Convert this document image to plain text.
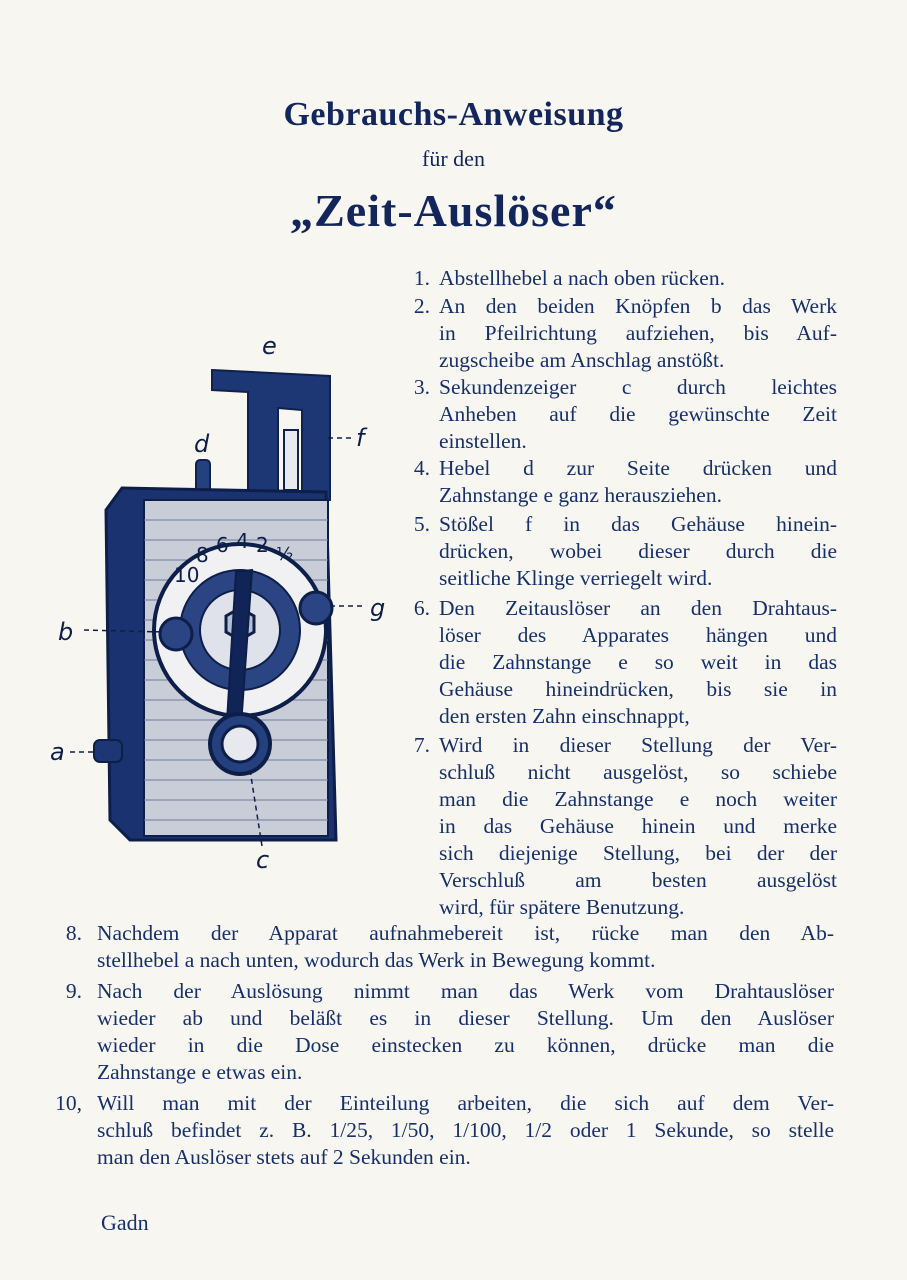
Gebrauchs-Anweisung
für den
„Zeit-Auslöser“
10
8 6 4 2 ½
b
g
f
e
d
a
c
1. Abstellhebel a nach oben rücken.
2. An den beiden Knöpfen b das Werk
in Pfeilrichtung aufziehen, bis Auf-
zugscheibe am Anschlag anstößt.
3. Sekundenzeiger c durch leichtes
Anheben auf die gewünschte Zeit
einstellen.
4. Hebel d zur Seite drücken und
Zahnstange e ganz herausziehen.
5. Stößel f in das Gehäuse hinein-
drücken, wobei dieser durch die
seitliche Klinge verriegelt wird.
6. Den Zeitauslöser an den Drahtaus-
löser des Apparates hängen und
die Zahnstange e so weit in das
Gehäuse hineindrücken, bis sie in
den ersten Zahn einschnappt,
7. Wird in dieser Stellung der Ver-
schluß nicht ausgelöst, so schiebe
man die Zahnstange e noch weiter
in das Gehäuse hinein und merke
sich diejenige Stellung, bei der der
Verschluß am besten ausgelöst
wird, für spätere Benutzung.
8. Nachdem der Apparat aufnahmebereit ist, rücke man den Ab-
stellhebel a nach unten, wodurch das Werk in Bewegung kommt.
9. Nach der Auslösung nimmt man das Werk vom Drahtauslöser
wieder ab und beläßt es in dieser Stellung. Um den Auslöser
wieder in die Dose einstecken zu können, drücke man die
Zahnstange e etwas ein.
10, Will man mit der Einteilung arbeiten, die sich auf dem Ver-
schluß befindet z. B. 1/25, 1/50, 1/100, 1/2 oder 1 Sekunde, so stelle
man den Auslöser stets auf 2 Sekunden ein.
Gadn
